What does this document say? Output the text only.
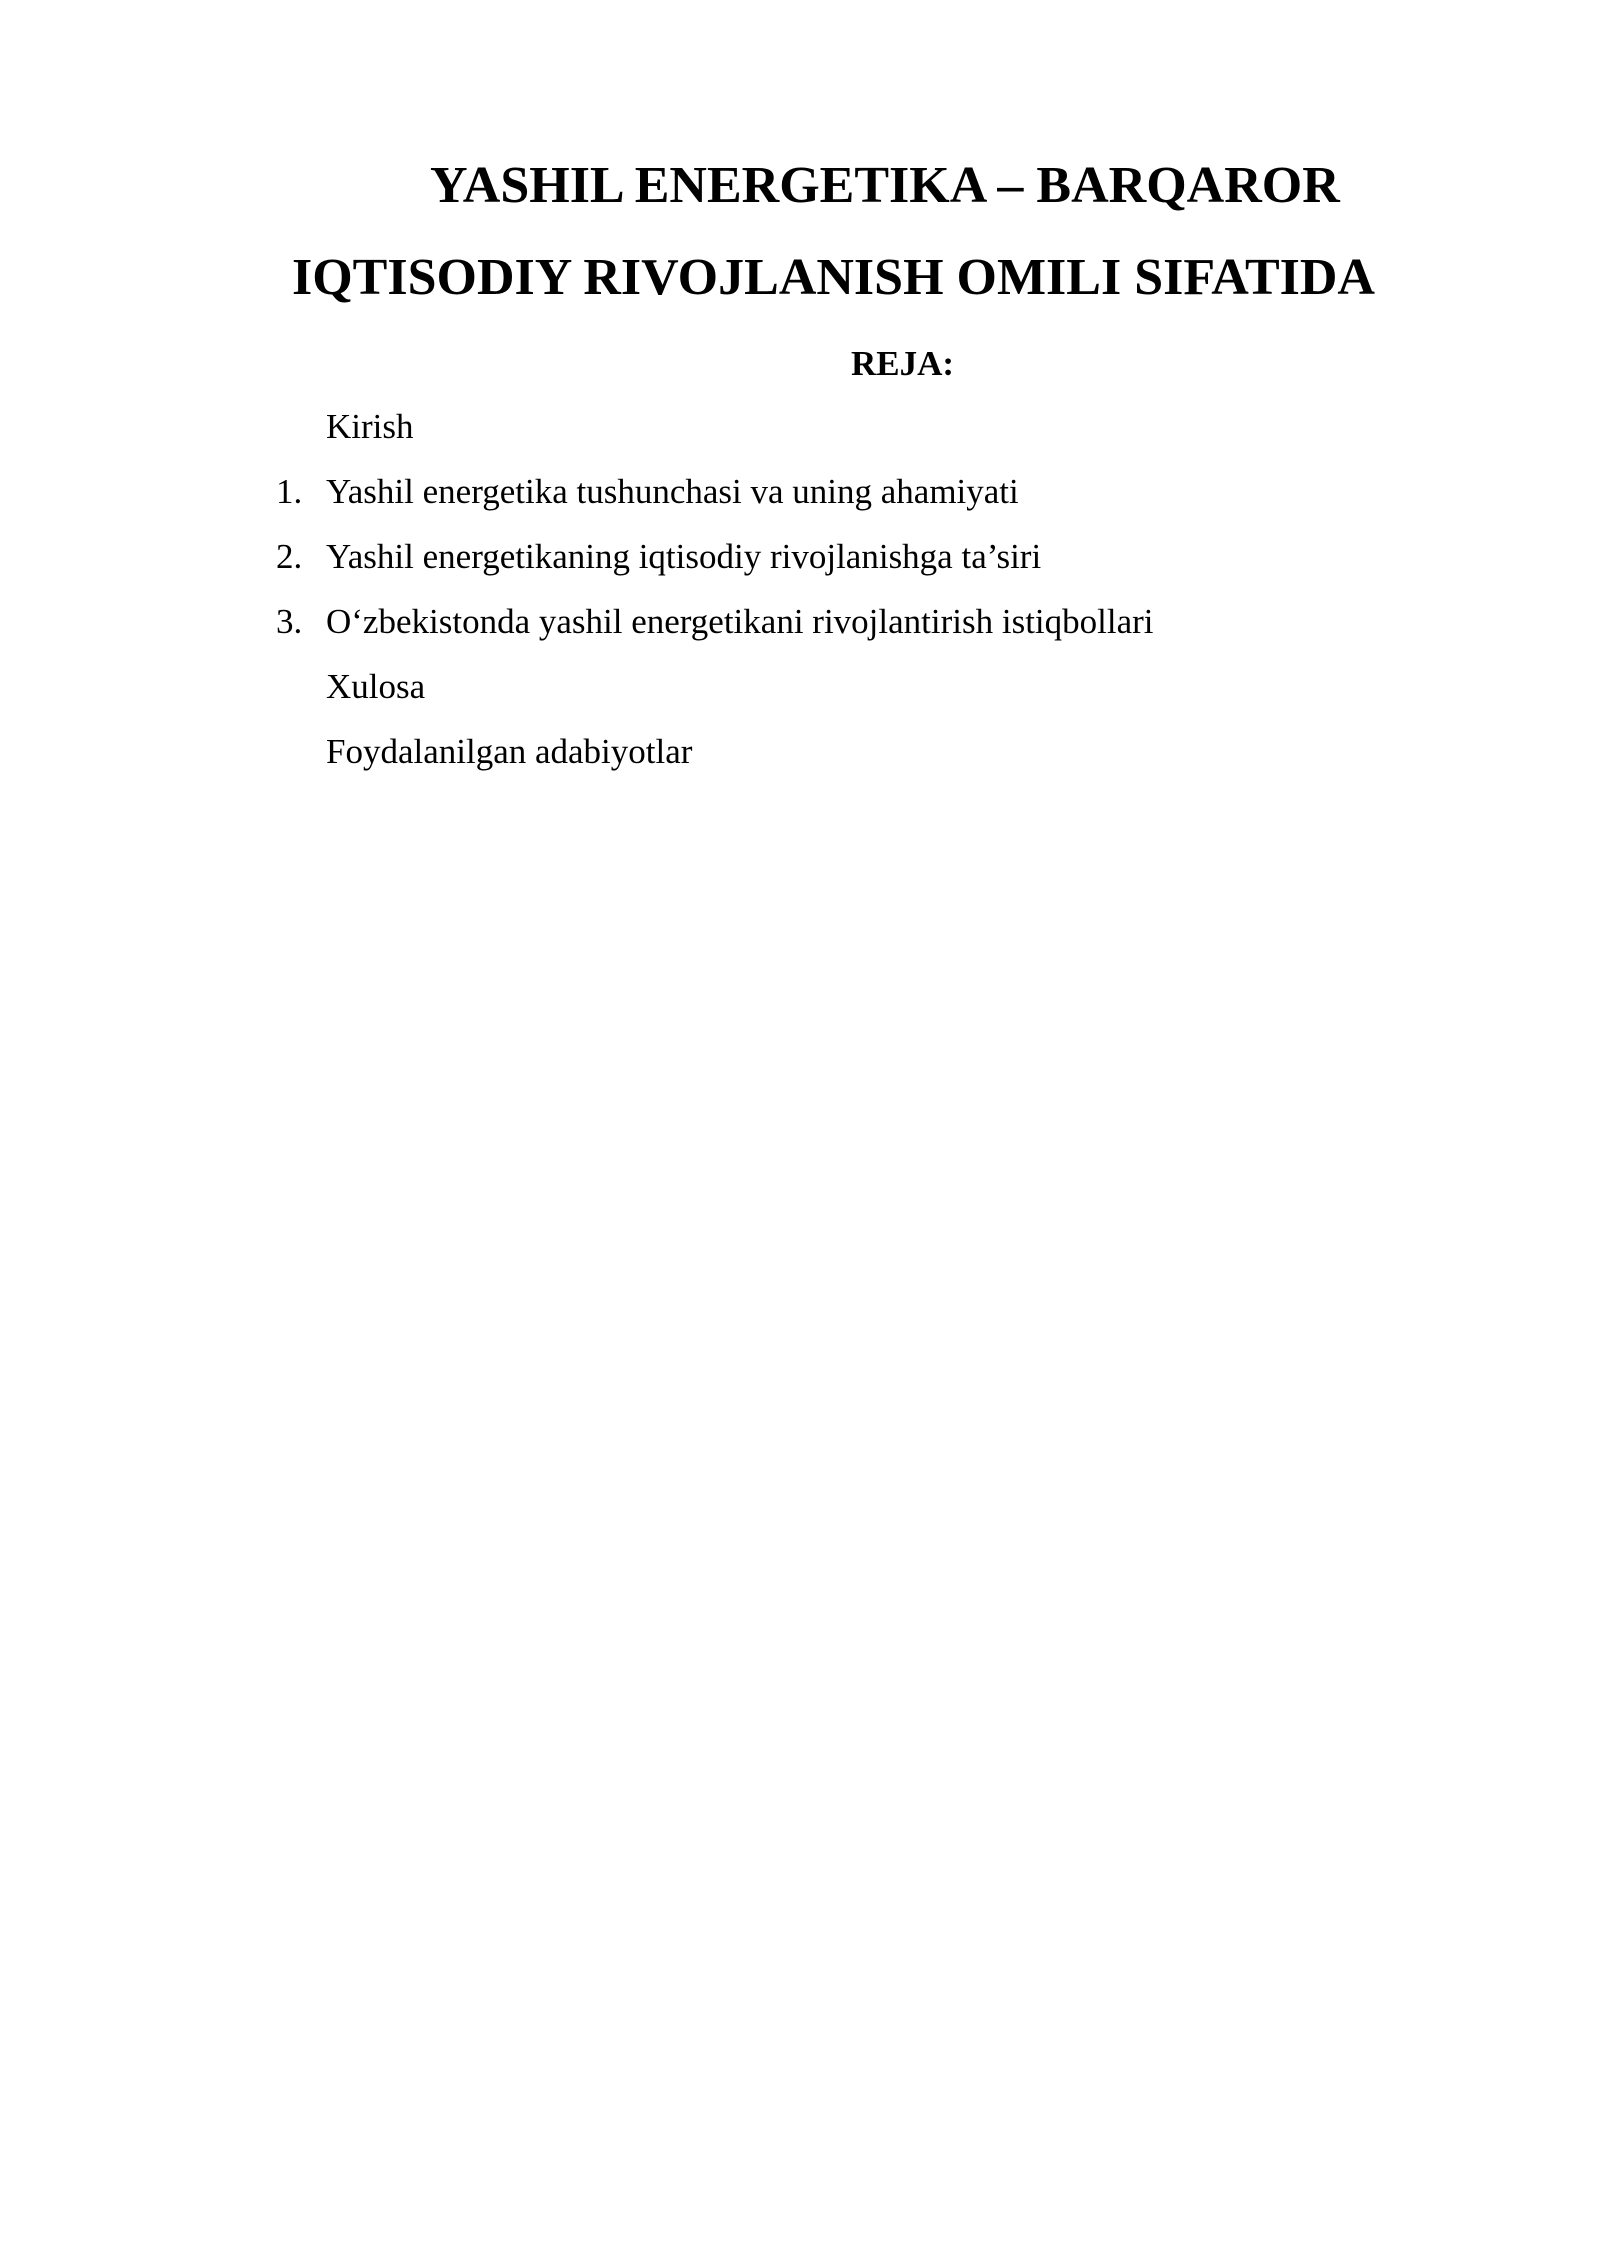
YASHIL ENERGETIKA – BARQAROR
IQTISODIY RIVOJLANISH OMILI SIFATIDA
REJA:
Kirish
1. Yashil energetika tushunchasi va uning ahamiyati
2. Yashil energetikaning iqtisodiy rivojlanishga ta’siri
3. O‘zbekistonda yashil energetikani rivojlantirish istiqbollari
Xulosa
Foydalanilgan adabiyotlar
